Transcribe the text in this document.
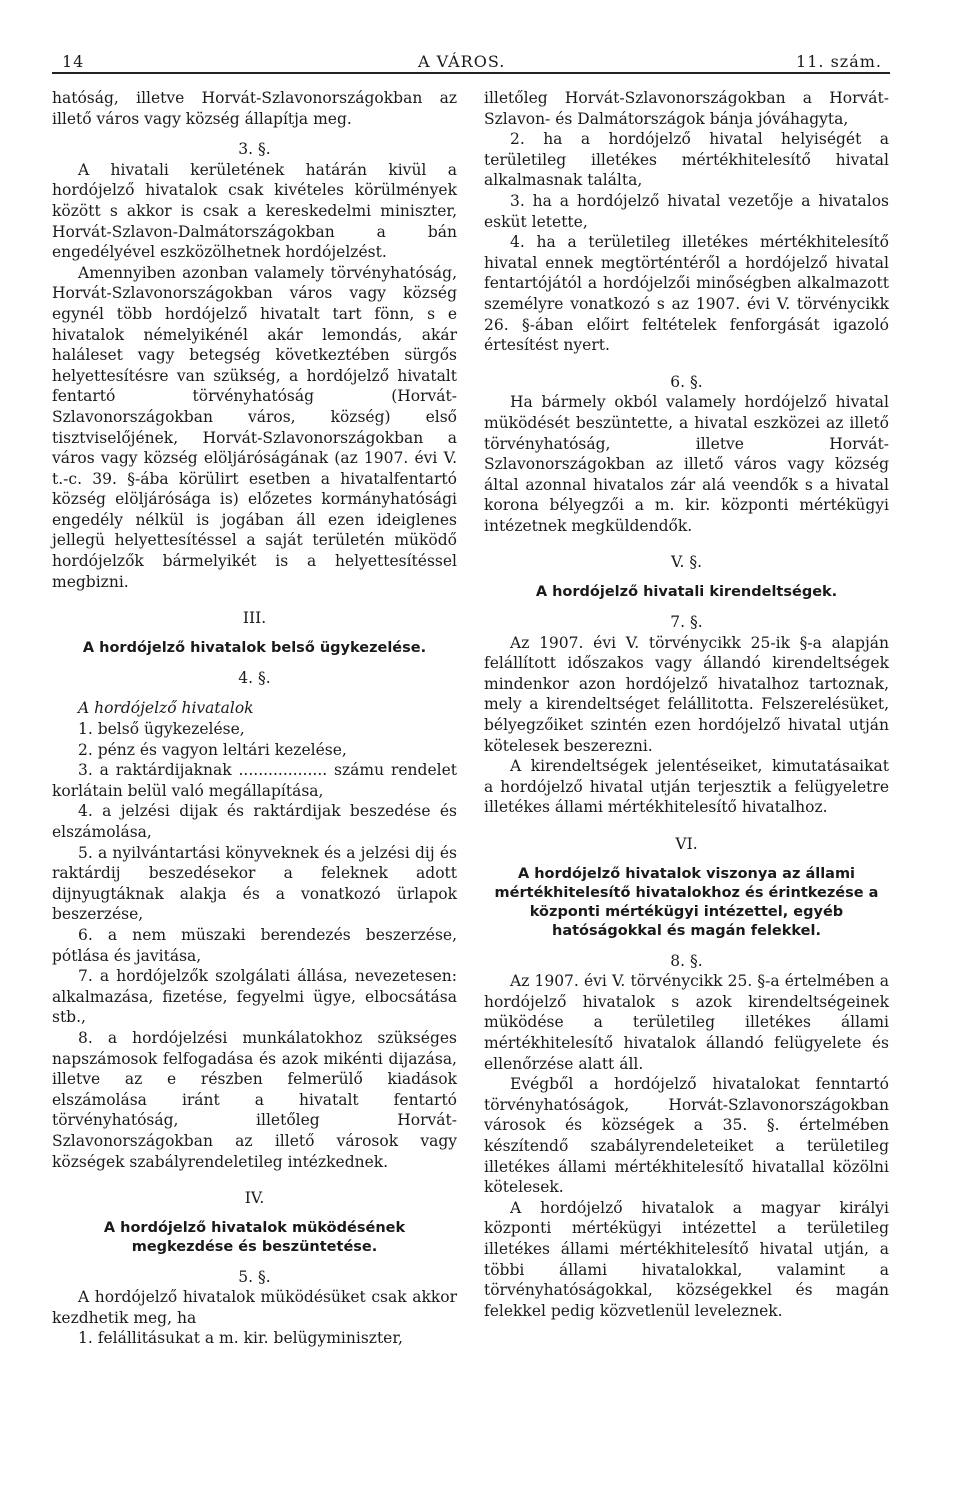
14	A VÁROS.	11. szám.

hatóság, illetve Horvát-Szlavonországokban az illető város vagy község állapítja meg.

3. §.

A hivatali kerületének határán kivül a hordójelző hivatalok csak kivételes körülmények között s akkor is csak a kereskedelmi miniszter, Horvát-Szlavon-Dalmátországokban a bán engedélyével eszközölhetnek hordójelzést.

Amennyiben azonban valamely törvényhatóság, Horvát-Szlavonországokban város vagy község egynél több hordójelző hivatalt tart fönn, s e hivatalok némelyikénél akár lemondás, akár haláleset vagy betegség következtében sürgős helyettesítésre van szükség, a hordójelző hivatalt fentartó törvényhatóság (Horvát-Szlavonországokban város, község) első tisztviselőjének, Horvát-Szlavonországokban a város vagy község elöljáróságának (az 1907. évi V. t.-c. 39. §-ába körülirt esetben a hivatalfentartó község elöljárósága is) előzetes kormányhatósági engedély nélkül is jogában áll ezen ideiglenes jellegü helyettesítéssel a saját területén müködő hordójelzők bármelyikét is a helyettesítéssel megbizni.

III.

A hordójelző hivatalok belső ügykezelése.

4. §.

A hordójelző hivatalok

1. belső ügykezelése,

2. pénz és vagyon leltári kezelése,

3. a raktárdijaknak .................. számu rendelet korlátain belül való megállapítása,

4. a jelzési dijak és raktárdijak beszedése és elszámolása,

5. a nyilvántartási könyveknek és a jelzési dij és raktárdij beszedésekor a feleknek adott dijnyugtáknak alakja és a vonatkozó ürlapok beszerzése,

6. a nem müszaki berendezés beszerzése, pótlása és javitása,

7. a hordójelzők szolgálati állása, nevezetesen: alkalmazása, fizetése, fegyelmi ügye, elbocsátása stb.,

8. a hordójelzési munkálatokhoz szükséges napszámosok felfogadása és azok mikénti dijazása, illetve az e részben felmerülő kiadások elszámolása iránt a hivatalt fentartó törvényhatóság, illetőleg Horvát-Szlavonországokban az illető városok vagy községek szabályrendeletileg intézkednek.

IV.

A hordójelző hivatalok müködésének megkezdése és beszüntetése.

5. §.

A hordójelző hivatalok müködésüket csak akkor kezdhetik meg, ha

1. felállitásukat a m. kir. belügyminiszter,

illetőleg Horvát-Szlavonországokban a Horvát-Szlavon- és Dalmátországok bánja jóváhagyta,

2. ha a hordójelző hivatal helyiségét a területileg illetékes mértékhitelesítő hivatal alkalmasnak találta,

3. ha a hordójelző hivatal vezetője a hivatalos esküt letette,

4. ha a területileg illetékes mértékhitelesítő hivatal ennek megtörténtéről a hordójelző hivatal fentartójától a hordójelzői minőségben alkalmazott személyre vonatkozó s az 1907. évi V. törvénycikk 26. §-ában előirt feltételek fenforgását igazoló értesítést nyert.

6. §.

Ha bármely okból valamely hordójelző hivatal müködését beszüntette, a hivatal eszközei az illető törvényhatóság, illetve Horvát-Szlavonországokban az illető város vagy község által azonnal hivatalos zár alá veendők s a hivatal korona bélyegzői a m. kir. központi mértékügyi intézetnek megküldendők.

V. §.

A hordójelző hivatali kirendeltségek.

7. §.

Az 1907. évi V. törvénycikk 25-ik §-a alapján felállított időszakos vagy állandó kirendeltségek mindenkor azon hordójelző hivatalhoz tartoznak, mely a kirendeltséget felállitotta. Felszerelésüket, bélyegzőiket szintén ezen hordójelző hivatal utján kötelesek beszerezni.

A kirendeltségek jelentéseiket, kimutatásaikat a hordójelző hivatal utján terjesztik a felügyeletre illetékes állami mértékhitelesítő hivatalhoz.

VI.

A hordójelző hivatalok viszonya az állami mértékhitelesítő hivatalokhoz és érintkezése a központi mértékügyi intézettel, egyéb hatóságokkal és magán felekkel.

8. §.

Az 1907. évi V. törvénycikk 25. §-a értelmében a hordójelző hivatalok s azok kirendeltségeinek müködése a területileg illetékes állami mértékhitelesítő hivatalok állandó felügyelete és ellenőrzése alatt áll.

Evégből a hordójelző hivatalokat fenntartó törvényhatóságok, Horvát-Szlavonországokban városok és községek a 35. §. értelmében készítendő szabályrendeleteiket a területileg illetékes állami mértékhitelesítő hivatallal közölni kötelesek.

A hordójelző hivatalok a magyar királyi központi mértékügyi intézettel a területileg illetékes állami mértékhitelesítő hivatal utján, a többi állami hivatalokkal, valamint a törvényhatóságokkal, községekkel és magán felekkel pedig közvetlenül leveleznek.
